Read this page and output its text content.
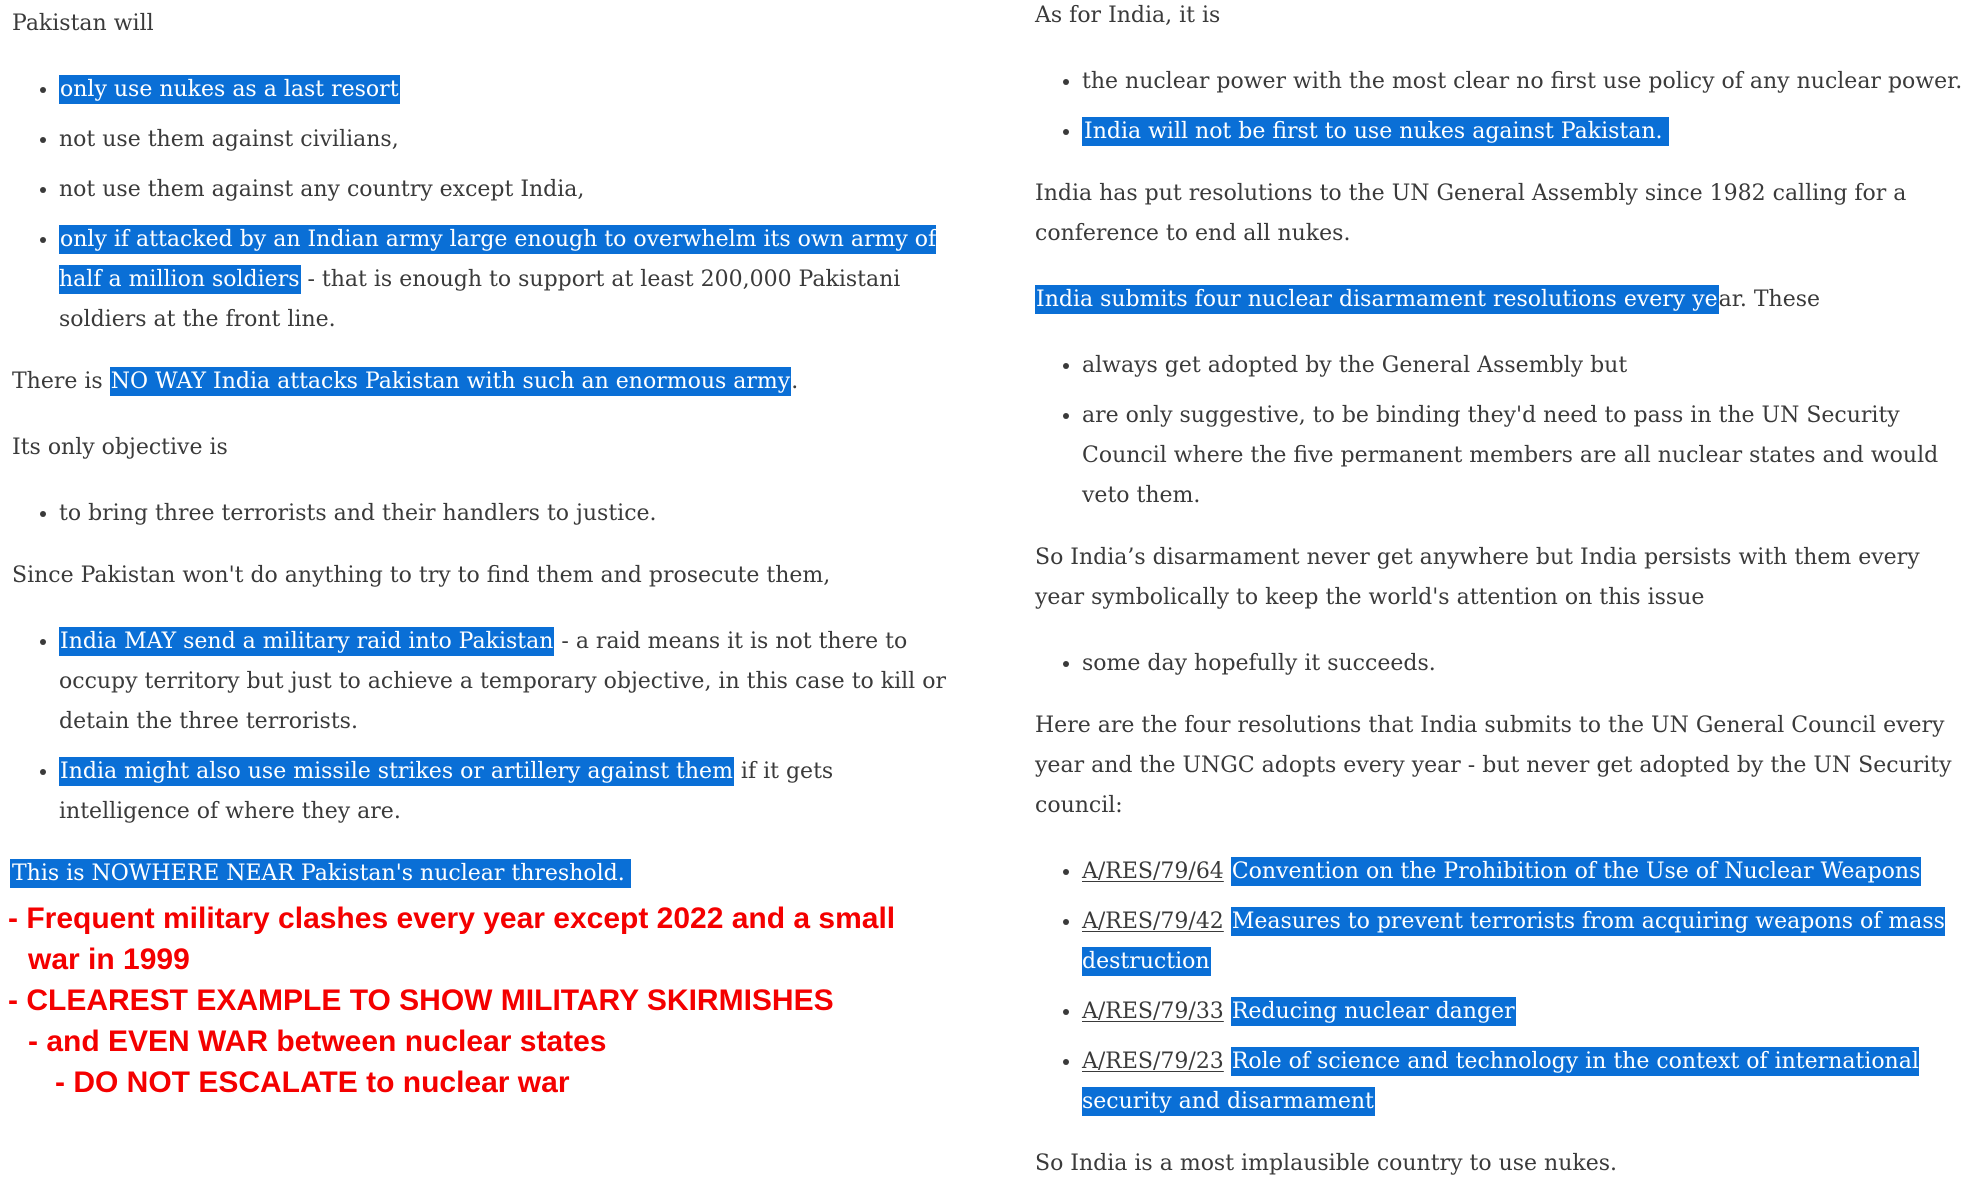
Pakistan will

• only use nukes as a last resort
• not use them against civilians,
• not use them against any country except India,
• only if attacked by an Indian army large enough to overwhelm its own army of half a million soldiers - that is enough to support at least 200,000 Pakistani soldiers at the front line.

There is NO WAY India attacks Pakistan with such an enormous army.

Its only objective is

• to bring three terrorists and their handlers to justice.

Since Pakistan won't do anything to try to find them and prosecute them,

• India MAY send a military raid into Pakistan - a raid means it is not there to occupy territory but just to achieve a temporary objective, in this case to kill or detain the three terrorists.
• India might also use missile strikes or artillery against them if it gets intelligence of where they are.

This is NOWHERE NEAR Pakistan's nuclear threshold.

- Frequent military clashes every year except 2022 and a small

war in 1999

- CLEAREST EXAMPLE TO SHOW MILITARY SKIRMISHES

- and EVEN WAR between nuclear states

- DO NOT ESCALATE to nuclear war

As for India, it is

• the nuclear power with the most clear no first use policy of any nuclear power.
• India will not be first to use nukes against Pakistan.

India has put resolutions to the UN General Assembly since 1982 calling for a conference to end all nukes.

India submits four nuclear disarmament resolutions every year. These

• always get adopted by the General Assembly but
• are only suggestive, to be binding they'd need to pass in the UN Security Council where the five permanent members are all nuclear states and would veto them.

So India’s disarmament never get anywhere but India persists with them every year symbolically to keep the world's attention on this issue

• some day hopefully it succeeds.

Here are the four resolutions that India submits to the UN General Council every year and the UNGC adopts every year - but never get adopted by the UN Security council:

• A/RES/79/64 Convention on the Prohibition of the Use of Nuclear Weapons
• A/RES/79/42 Measures to prevent terrorists from acquiring weapons of mass destruction
• A/RES/79/33 Reducing nuclear danger
• A/RES/79/23 Role of science and technology in the context of international security and disarmament

So India is a most implausible country to use nukes.
